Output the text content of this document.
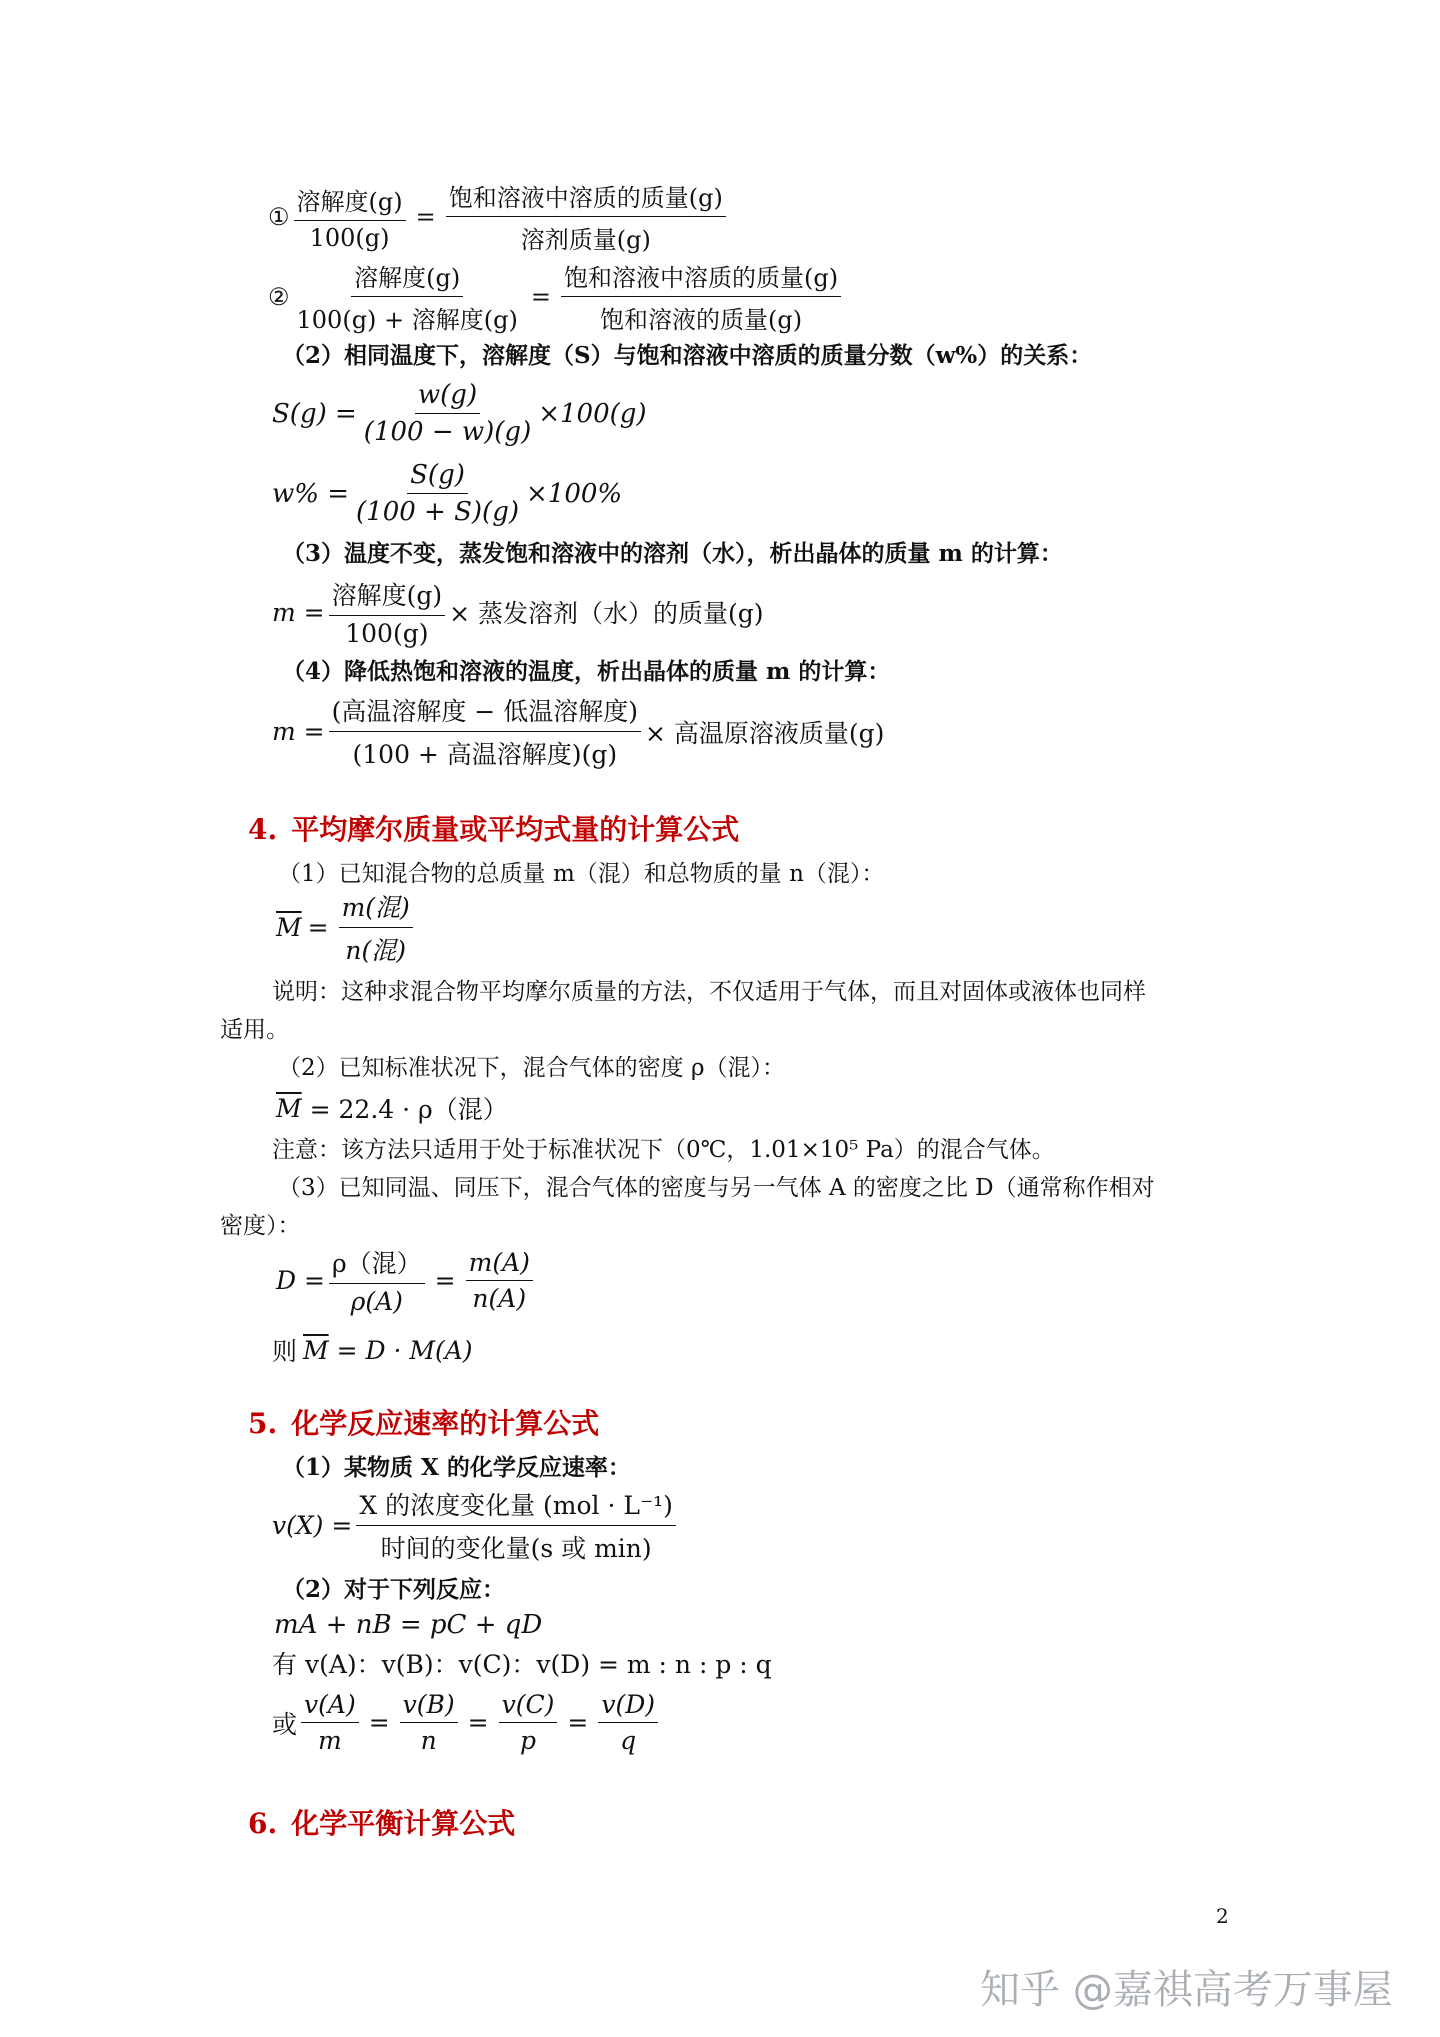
① $\frac{\text{溶解度(g)}}{100(g)} = \frac{\text{饱和溶液中溶质的质量(g)}}{\text{溶剂质量(g)}}$
② $\frac{\text{溶解度(g)}}{\text{100(g) + 溶解度(g)}} = \frac{\text{饱和溶液中溶质的质量(g)}}{\text{饱和溶液的质量(g)}}$
（2）相同温度下，溶解度（S）与饱和溶液中溶质的质量分数（w%）的关系：
$S(g) = \frac{w(g)}{(100 - w)(g)} \times 100(g)$
$w\% = \frac{S(g)}{(100 + S)(g)} \times 100\%$
（3）温度不变，蒸发饱和溶液中的溶剂（水），析出晶体的质量 m 的计算：
$m = \frac{\text{溶解度(g)}}{100(g)}$ × 蒸发溶剂（水）的质量(g)
（4）降低热饱和溶液的温度，析出晶体的质量 m 的计算：
$m = \frac{\text{(高温溶解度 − 低温溶解度)}}{\text{(100 + 高温溶解度)(g)}}$ × 高温原溶液质量(g)
4. 平均摩尔质量或平均式量的计算公式
（1）已知混合物的总质量 m（混）和总物质的量 n（混）：
$\overline{M} = \frac{\text{m(混)}}{\text{n(混)}}$
说明：这种求混合物平均摩尔质量的方法，不仅适用于气体，而且对固体或液体也同样
适用。
（2）已知标准状况下，混合气体的密度 ρ（混）：
$\overline{M} = 22.4 \cdot \rho$（混）
注意：该方法只适用于处于标准状况下（0℃，1.01×10⁵ Pa）的混合气体。
（3）已知同温、同压下，混合气体的密度与另一气体 A 的密度之比 D（通常称作相对
密度）：
$D = \frac{\text{ρ（混）}}{\rho(A)} = \frac{m(A)}{n(A)}$
则 $\overline{M} = D \cdot M(A)$
5. 化学反应速率的计算公式
（1）某物质 X 的化学反应速率：
$v(X) = \frac{\text{X 的浓度变化量 (mol · L⁻¹)}}{\text{时间的变化量(s 或 min)}}$
（2）对于下列反应：
mA + nB = pC + qD
有 v(A)：v(B)：v(C)：v(D) = m : n : p : q
或 $\frac{v(A)}{m} = \frac{v(B)}{n} = \frac{v(C)}{p} = \frac{v(D)}{q}$
6. 化学平衡计算公式
2
知乎 @嘉祺高考万事屋
